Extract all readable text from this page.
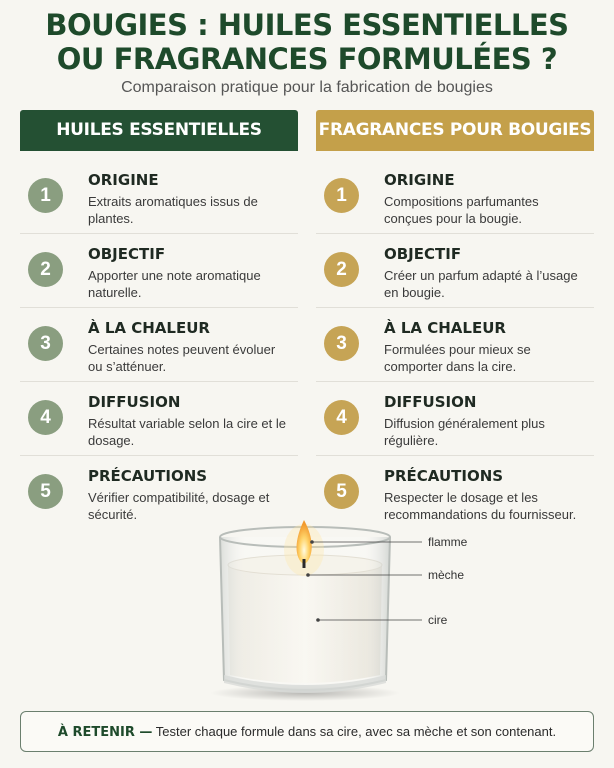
BOUGIES : HUILES ESSENTIELLES
OU FRAGRANCES FORMULÉES ?
Comparaison pratique pour la fabrication de bougies
HUILES ESSENTIELLES
1
ORIGINE
Extraits aromatiques issus de plantes.
2
OBJECTIF
Apporter une note aromatique naturelle.
3
À LA CHALEUR
Certaines notes peuvent évoluer ou s’atténuer.
4
DIFFUSION
Résultat variable selon la cire et le dosage.
5
PRÉCAUTIONS
Vérifier compatibilité, dosage et sécurité.
FRAGRANCES POUR BOUGIES
1
ORIGINE
Compositions parfumantes conçues pour la bougie.
2
OBJECTIF
Créer un parfum adapté à l’usage en bougie.
3
À LA CHALEUR
Formulées pour mieux se comporter dans la cire.
4
DIFFUSION
Diffusion généralement plus régulière.
5
PRÉCAUTIONS
Respecter le dosage et les recommandations du fournisseur.
flamme
mèche
cire
À RETENIR — Tester chaque formule dans sa cire, avec sa mèche et son contenant.
